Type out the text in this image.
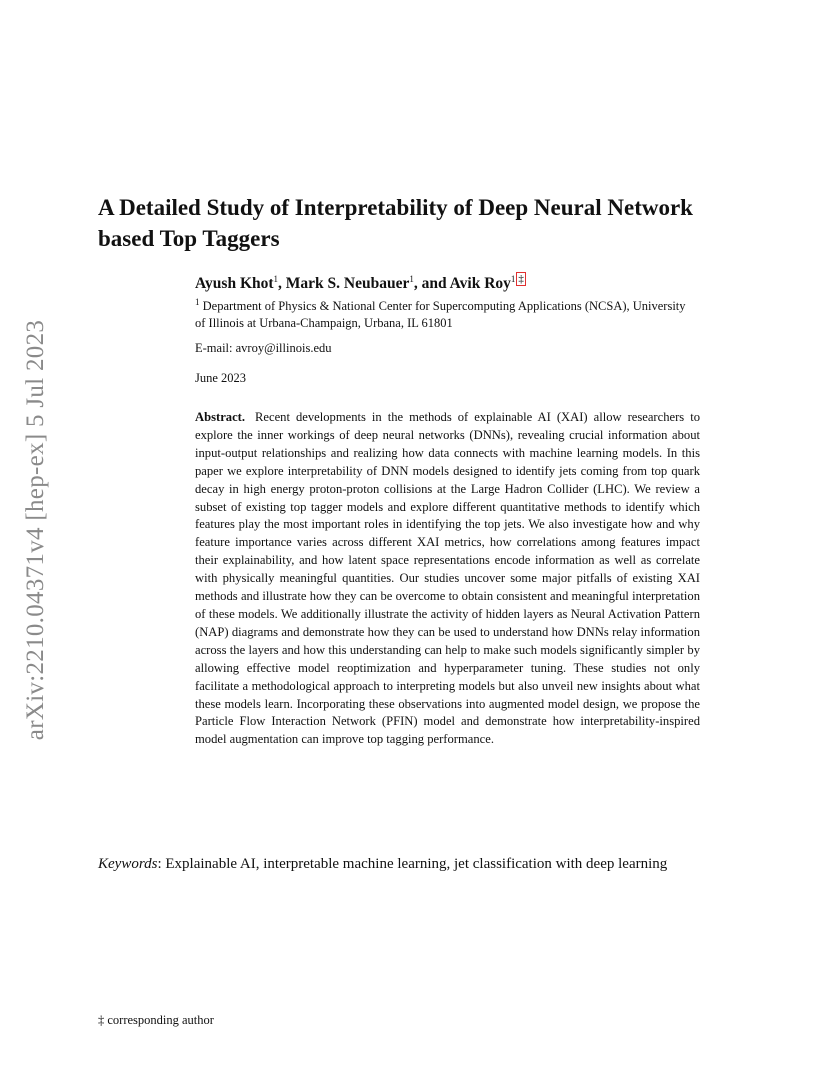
arXiv:2210.04371v4 [hep-ex] 5 Jul 2023
A Detailed Study of Interpretability of Deep Neural Network based Top Taggers
Ayush Khot$^1$, Mark S. Neubauer$^1$, and Avik Roy$^1$ ‡
$^1$ Department of Physics & National Center for Supercomputing Applications (NCSA), University of Illinois at Urbana-Champaign, Urbana, IL 61801
E-mail: avroy@illinois.edu
June 2023

Abstract. Recent developments in the methods of explainable AI (XAI) allow researchers to explore the inner workings of deep neural networks (DNNs), revealing crucial information about input-output relationships and realizing how data connects with machine learning models. In this paper we explore interpretability of DNN models designed to identify jets coming from top quark decay in high energy proton-proton collisions at the Large Hadron Collider (LHC). We review a subset of existing top tagger models and explore different quantitative methods to identify which features play the most important roles in identifying the top jets. We also investigate how and why feature importance varies across different XAI metrics, how correlations among features impact their explainability, and how latent space representations encode information as well as correlate with physically meaningful quantities. Our studies uncover some major pitfalls of existing XAI methods and illustrate how they can be overcome to obtain consistent and meaningful interpretation of these models. We additionally illustrate the activity of hidden layers as Neural Activation Pattern (NAP) diagrams and demonstrate how they can be used to understand how DNNs relay information across the layers and how this understanding can help to make such models significantly simpler by allowing effective model reoptimization and hyperparameter tuning. These studies not only facilitate a methodological approach to interpreting models but also unveil new insights about what these models learn. Incorporating these observations into augmented model design, we propose the Particle Flow Interaction Network (PFIN) model and demonstrate how interpretability-inspired model augmentation can improve top tagging performance.

Keywords: Explainable AI, interpretable machine learning, jet classification with deep learning

‡ corresponding author
